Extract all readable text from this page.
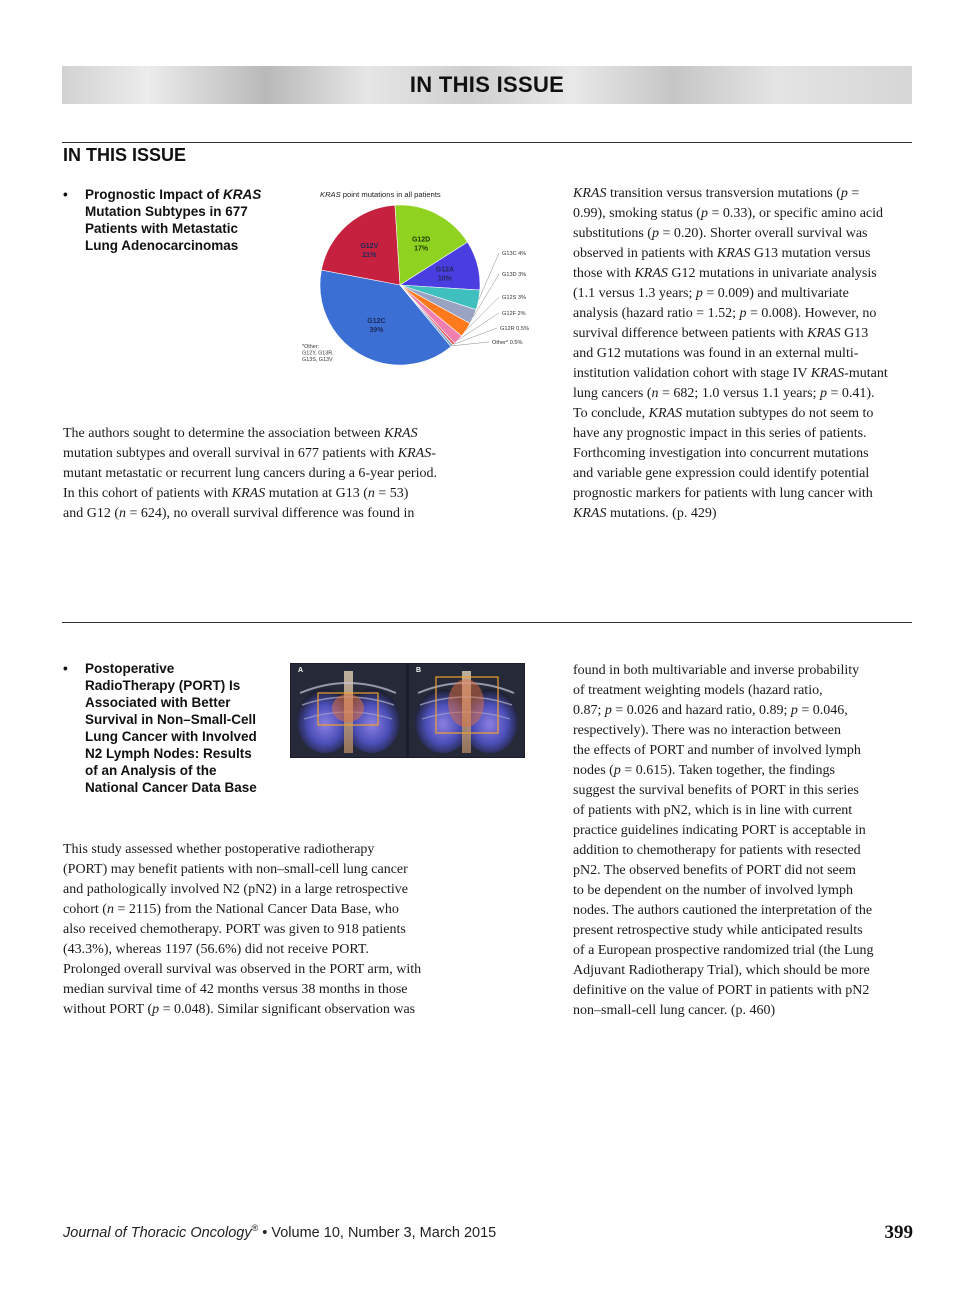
IN THIS ISSUE
IN THIS ISSUE
• Prognostic Impact of KRAS
Mutation Subtypes in 677
Patients with Metastatic
Lung Adenocarcinomas
KRAS point mutations in all patients
G12C 39%
G12V 21%
G12D 17%
G12A 10%
G13C 4%
G13D 3%
G12S 3%
G12F 2%
G12R 0.5%
Other* 0.5%
*Other: G12Y, G13R, G13S, G13V
The authors sought to determine the association between KRAS
mutation subtypes and overall survival in 677 patients with KRAS-
mutant metastatic or recurrent lung cancers during a 6-year period.
In this cohort of patients with KRAS mutation at G13 (n = 53)
and G12 (n = 624), no overall survival difference was found in
KRAS transition versus transversion mutations (p =
0.99), smoking status (p = 0.33), or specific amino acid
substitutions (p = 0.20). Shorter overall survival was
observed in patients with KRAS G13 mutation versus
those with KRAS G12 mutations in univariate analysis
(1.1 versus 1.3 years; p = 0.009) and multivariate
analysis (hazard ratio = 1.52; p = 0.008). However, no
survival difference between patients with KRAS G13
and G12 mutations was found in an external multi-
institution validation cohort with stage IV KRAS-mutant
lung cancers (n = 682; 1.0 versus 1.1 years; p = 0.41).
To conclude, KRAS mutation subtypes do not seem to
have any prognostic impact in this series of patients.
Forthcoming investigation into concurrent mutations
and variable gene expression could identify potential
prognostic markers for patients with lung cancer with
KRAS mutations. (p. 429)
• Postoperative
RadioTherapy (PORT) Is
Associated with Better
Survival in Non–Small-Cell
Lung Cancer with Involved
N2 Lymph Nodes: Results
of an Analysis of the
National Cancer Data Base
A	B
This study assessed whether postoperative radiotherapy
(PORT) may benefit patients with non–small-cell lung cancer
and pathologically involved N2 (pN2) in a large retrospective
cohort (n = 2115) from the National Cancer Data Base, who
also received chemotherapy. PORT was given to 918 patients
(43.3%), whereas 1197 (56.6%) did not receive PORT.
Prolonged overall survival was observed in the PORT arm, with
median survival time of 42 months versus 38 months in those
without PORT (p = 0.048). Similar significant observation was
found in both multivariable and inverse probability
of treatment weighting models (hazard ratio,
0.87; p = 0.026 and hazard ratio, 0.89; p = 0.046,
respectively). There was no interaction between
the effects of PORT and number of involved lymph
nodes (p = 0.615). Taken together, the findings
suggest the survival benefits of PORT in this series
of patients with pN2, which is in line with current
practice guidelines indicating PORT is acceptable in
addition to chemotherapy for patients with resected
pN2. The observed benefits of PORT did not seem
to be dependent on the number of involved lymph
nodes. The authors cautioned the interpretation of the
present retrospective study while anticipated results
of a European prospective randomized trial (the Lung
Adjuvant Radiotherapy Trial), which should be more
definitive on the value of PORT in patients with pN2
non–small-cell lung cancer. (p. 460)
Journal of Thoracic Oncology® • Volume 10, Number 3, March 2015	399
